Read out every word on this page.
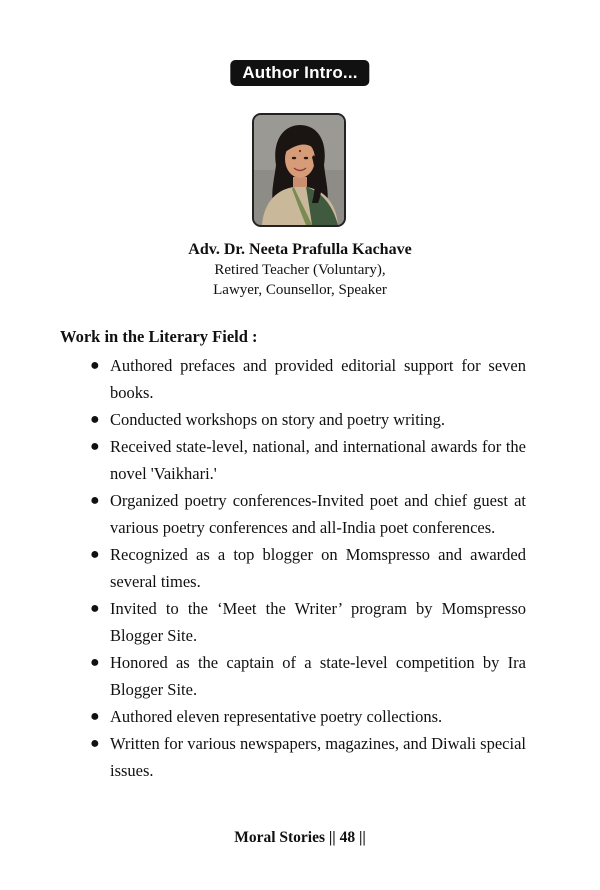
Author Intro...
Adv. Dr. Neeta Prafulla Kachave
Retired Teacher (Voluntary),
Lawyer, Counsellor, Speaker
Work in the Literary Field :
● Authored prefaces and provided editorial support for seven books.
● Conducted workshops on story and poetry writing.
● Received state-level, national, and international awards for the novel 'Vaikhari.'
● Organized poetry conferences-Invited poet and chief guest at various poetry conferences and all-India poet conferences.
● Recognized as a top blogger on Momspresso and awarded several times.
● Invited to the ‘Meet the Writer’ program by Momspresso Blogger Site.
● Honored as the captain of a state-level competition by Ira Blogger Site.
● Authored eleven representative poetry collections.
● Written for various newspapers, magazines, and Diwali special issues.
Moral Stories || 48 ||
